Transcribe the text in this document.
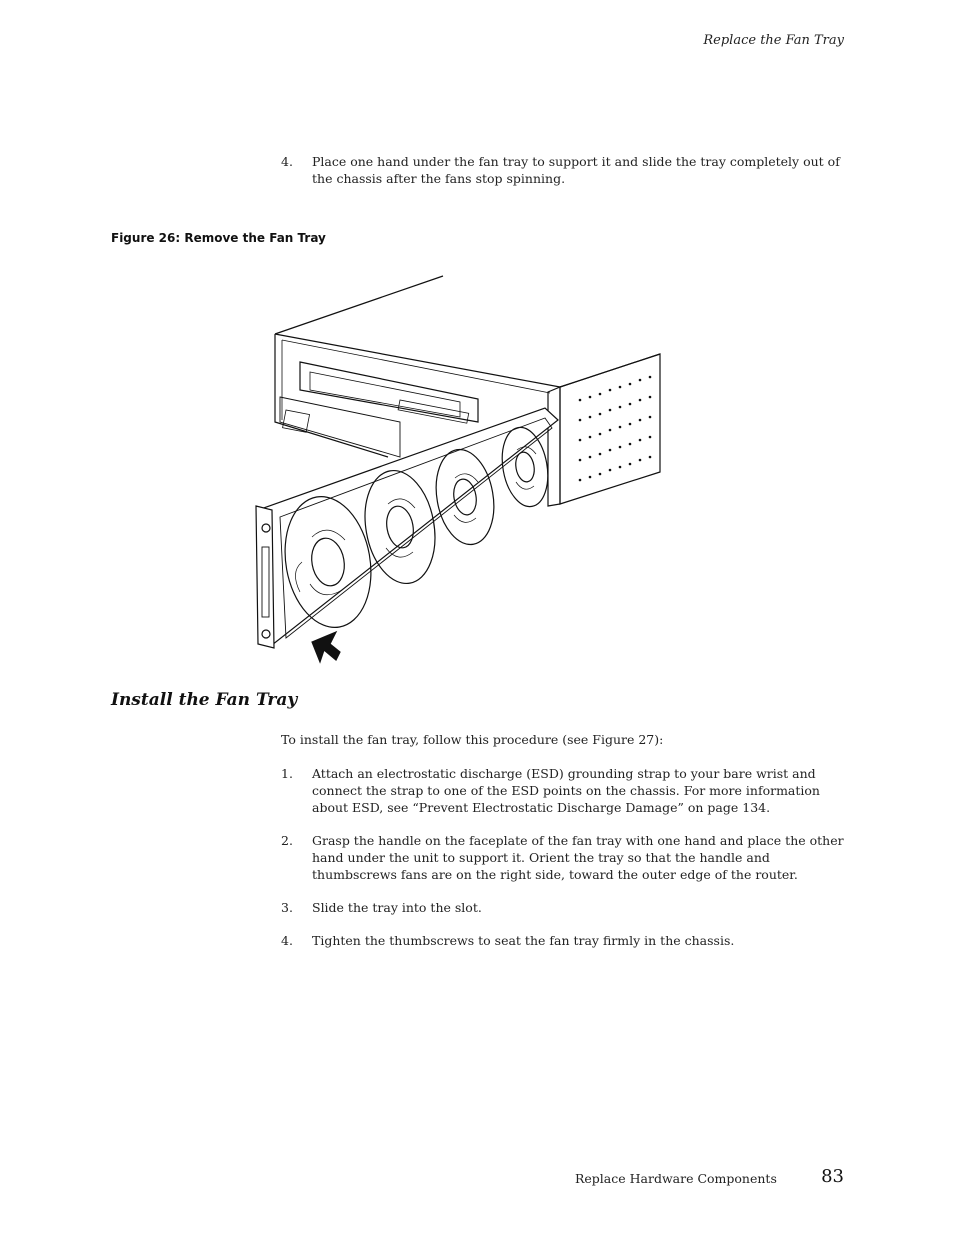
Replace the Fan Tray
4. Place one hand under the fan tray to support it and slide the tray completely out of the chassis after the fans stop spinning.
Figure 26: Remove the Fan Tray
Install the Fan Tray
To install the fan tray, follow this procedure (see Figure 27):
1. Attach an electrostatic discharge (ESD) grounding strap to your bare wrist and connect the strap to one of the ESD points on the chassis. For more information about ESD, see “Prevent Electrostatic Discharge Damage” on page 134.
2. Grasp the handle on the faceplate of the fan tray with one hand and place the other hand under the unit to support it. Orient the tray so that the handle and thumbscrews fans are on the right side, toward the outer edge of the router.
3. Slide the tray into the slot.
4. Tighten the thumbscrews to seat the fan tray firmly in the chassis.
Replace Hardware Components 83
